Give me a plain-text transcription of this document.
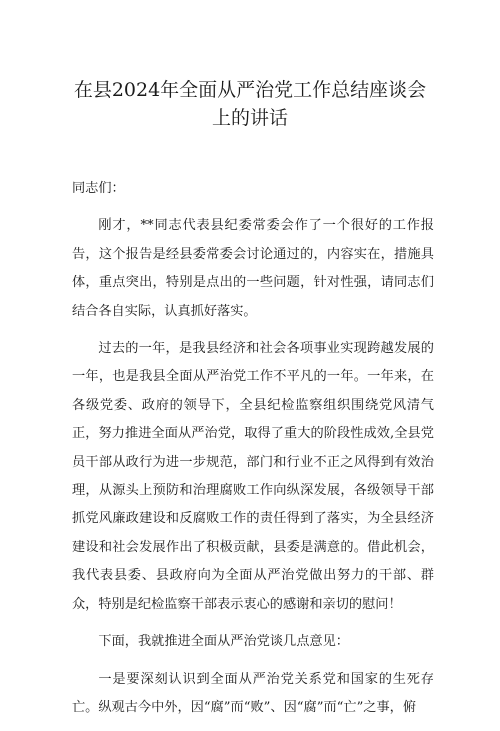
在县2024年全面从严治党工作总结座谈会上的讲话

同志们：

刚才，**同志代表县纪委常委会作了一个很好的工作报告，这个报告是经县委常委会讨论通过的，内容实在，措施具体，重点突出，特别是点出的一些问题，针对性强，请同志们结合各自实际，认真抓好落实。

过去的一年，是我县经济和社会各项事业实现跨越发展的一年，也是我县全面从严治党工作不平凡的一年。一年来，在各级党委、政府的领导下，全县纪检监察组织围绕党风清气正，努力推进全面从严治党，取得了重大的阶段性成效,全县党员干部从政行为进一步规范，部门和行业不正之风得到有效治理，从源头上预防和治理腐败工作向纵深发展，各级领导干部抓党风廉政建设和反腐败工作的责任得到了落实，为全县经济建设和社会发展作出了积极贡献，县委是满意的。借此机会，我代表县委、县政府向为全面从严治党做出努力的干部、群众，特别是纪检监察干部表示衷心的感谢和亲切的慰问！

下面，我就推进全面从严治党谈几点意见：

一是要深刻认识到全面从严治党关系党和国家的生死存亡。纵观古今中外，因“腐”而“败”、因“腐”而“亡”之事，俯
